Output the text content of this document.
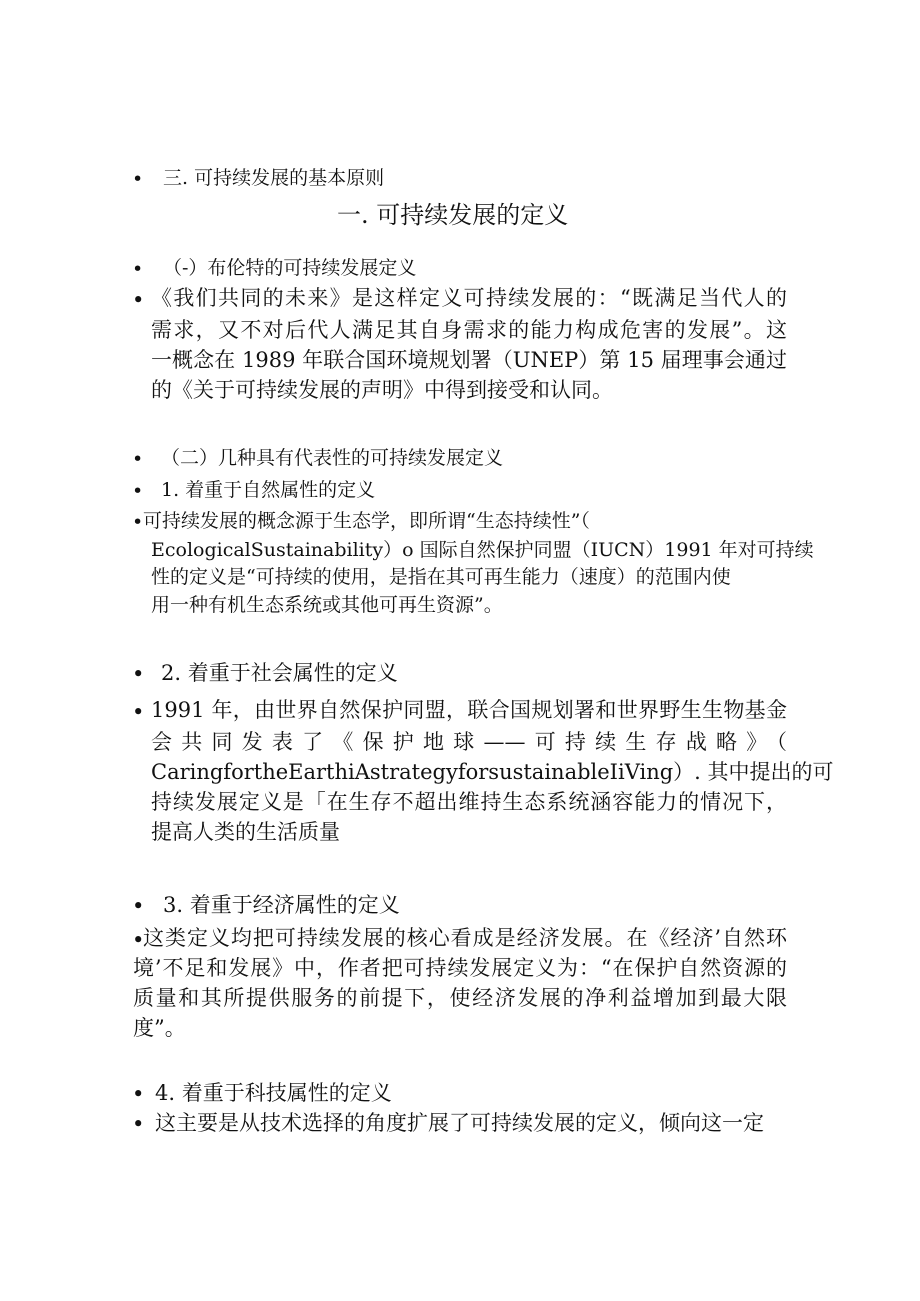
• 三. 可持续发展的基本原则
一. 可持续发展的定义
• （-）布伦特的可持续发展定义
• 《我们共同的未来》是这样定义可持续发展的：“既满足当代人的
需求，又不对后代人满足其自身需求的能力构成危害的发展”。这
一概念在 1989 年联合国环境规划署（UNEP）第 15 届理事会通过
的《关于可持续发展的声明》中得到接受和认同。
• （二）几种具有代表性的可持续发展定义
• 1. 着重于自然属性的定义
• 可持续发展的概念源于生态学，即所谓“生态持续性”（
EcologicalSustainability）o 国际自然保护同盟（IUCN）1991 年对可持续
性的定义是“可持续的使用，是指在其可再生能力（速度）的范围内使
用一种有机生态系统或其他可再生资源”。
• 2. 着重于社会属性的定义
• 1991 年，由世界自然保护同盟，联合国规划署和世界野生生物基金
会共同发表了《保护地球——可持续生存战略》（
CaringfortheEarthiAstrategyforsustainableIiVing）. 其中提出的可
持续发展定义是「在生存不超出维持生态系统涵容能力的情况下，
提高人类的生活质量
• 3. 着重于经济属性的定义
•
这类定义均把可持续发展的核心看成是经济发展。在《经济’自然环
境’不足和发展》中，作者把可持续发展定义为：“在保护自然资源的
质量和其所提供服务的前提下，使经济发展的净利益增加到最大限
度”。
• 4. 着重于科技属性的定义
• 这主要是从技术选择的角度扩展了可持续发展的定义，倾向这一定
